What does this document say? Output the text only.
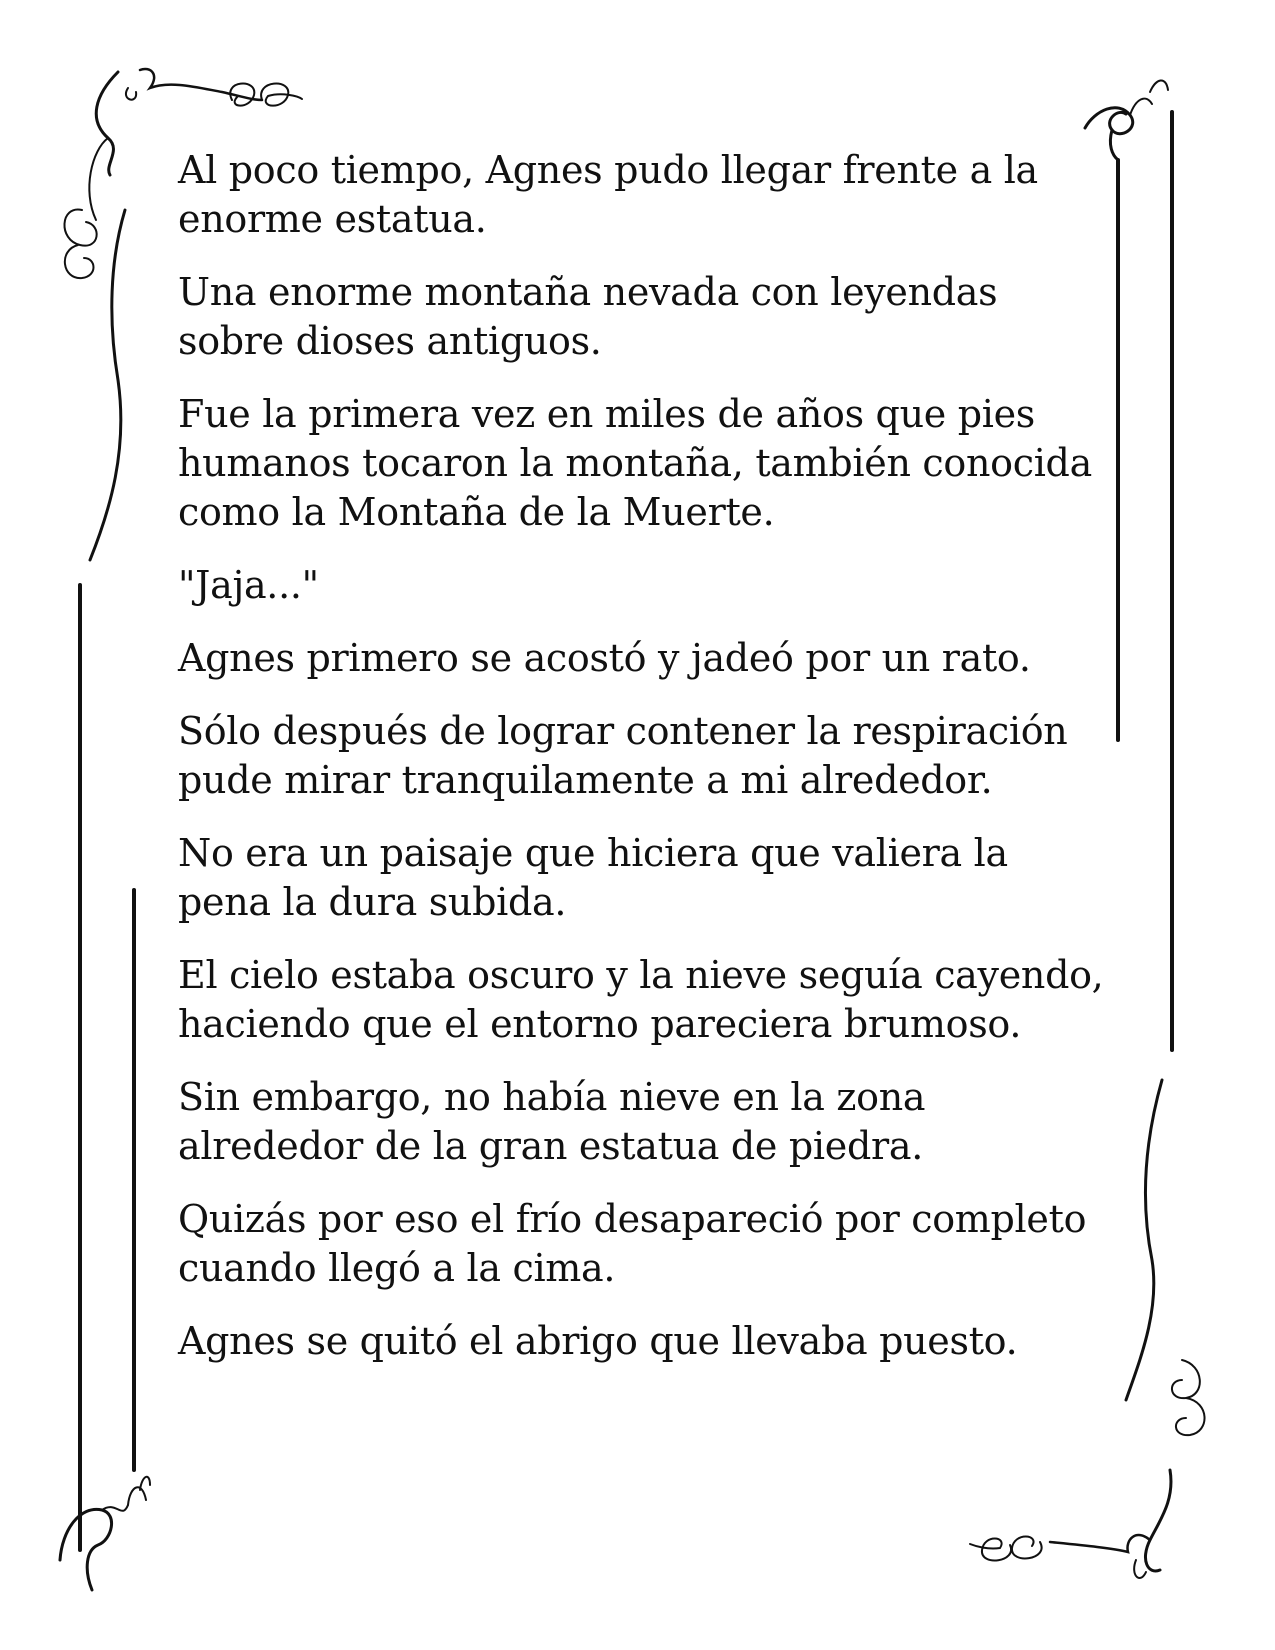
Al poco tiempo, Agnes pudo llegar frente a la enorme estatua.

Una enorme montaña nevada con leyendas sobre dioses antiguos.

Fue la primera vez en miles de años que pies humanos tocaron la montaña, también conocida como la Montaña de la Muerte.

"Jaja..."

Agnes primero se acostó y jadeó por un rato.

Sólo después de lograr contener la respiración pude mirar tranquilamente a mi alrededor.

No era un paisaje que hiciera que valiera la pena la dura subida.

El cielo estaba oscuro y la nieve seguía cayendo, haciendo que el entorno pareciera brumoso.

Sin embargo, no había nieve en la zona alrededor de la gran estatua de piedra.

Quizás por eso el frío desapareció por completo cuando llegó a la cima.

Agnes se quitó el abrigo que llevaba puesto.
